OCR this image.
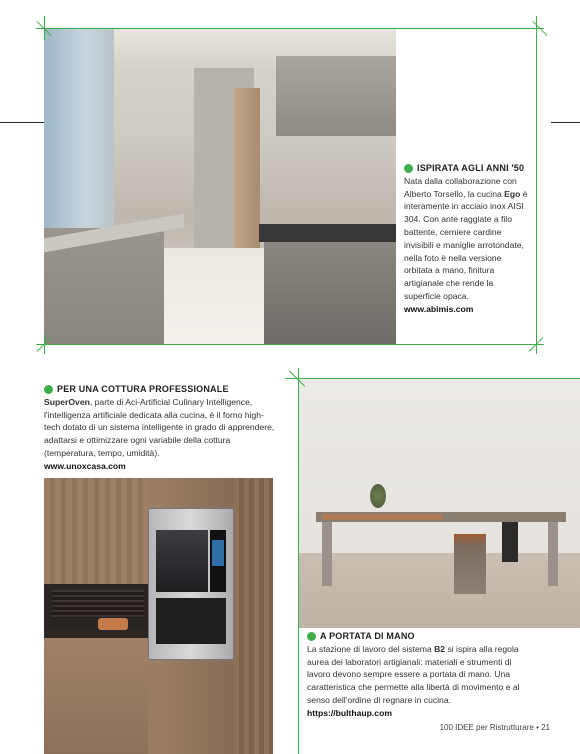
ISPIRATA AGLI ANNI '50
Nata dalla collaborazione con Alberto Torsello, la cucina Ego è interamente in acciaio inox AISI 304. Con ante raggiate a filo battente, cerniere cardine invisibili e maniglie arrotondate, nella foto è nella versione orbitata a mano, finitura artigianale che rende la superficie opaca.
www.abimis.com
PER UNA COTTURA PROFESSIONALE
SuperOven, parte di Aci-Artificial Culinary Intelligence, l'intelligenza artificiale dedicata alla cucina, è il forno high-tech dotato di un sistema intelligente in grado di apprendere, adattarsi e ottimizzare ogni variabile della cottura (temperatura, tempo, umidità).
www.unoxcasa.com
A PORTATA DI MANO
La stazione di lavoro del sistema B2 si ispira alla regola aurea dei laboratori artigianali: materiali e strumenti di lavoro devono sempre essere a portata di mano. Una caratteristica che permette alla libertà di movimento e al senso dell'ordine di regnare in cucina.
https://bulthaup.com
100 IDEE per Ristrutturare • 21
